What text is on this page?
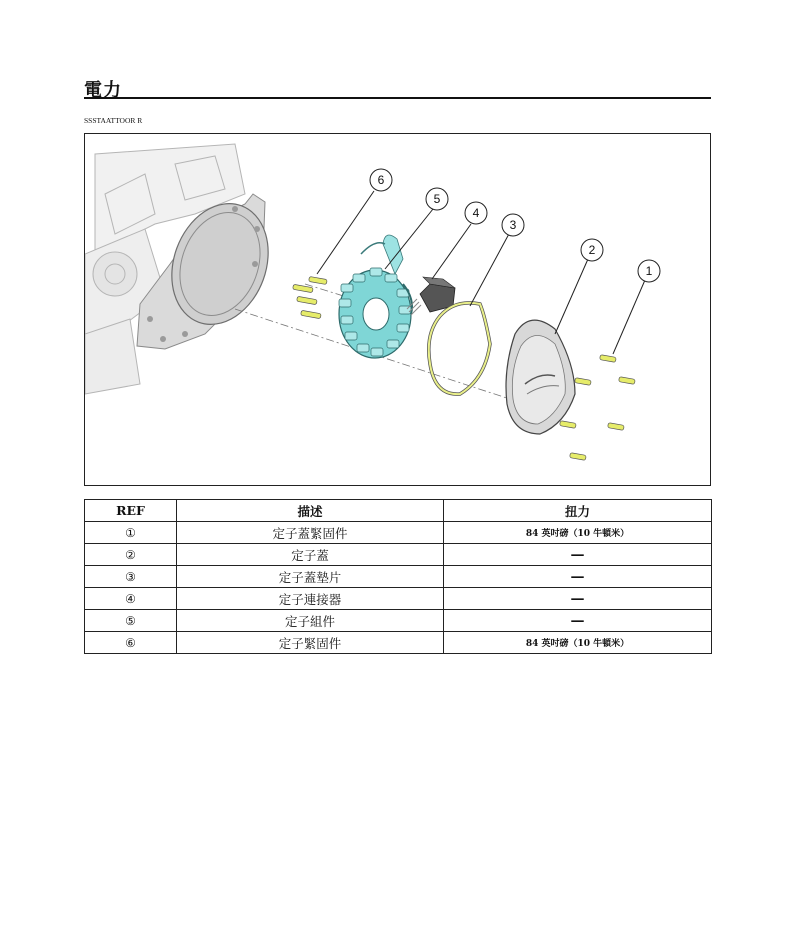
電力
SSSTAATTOOR R
1
2
3
4
5
6
REF	描述	扭力
①	定子蓋緊固件	84 英吋磅（10 牛頓米）
②	定子蓋	—
③	定子蓋墊片	—
④	定子連接器	—
⑤	定子組件	—
⑥	定子緊固件	84 英吋磅（10 牛頓米）
